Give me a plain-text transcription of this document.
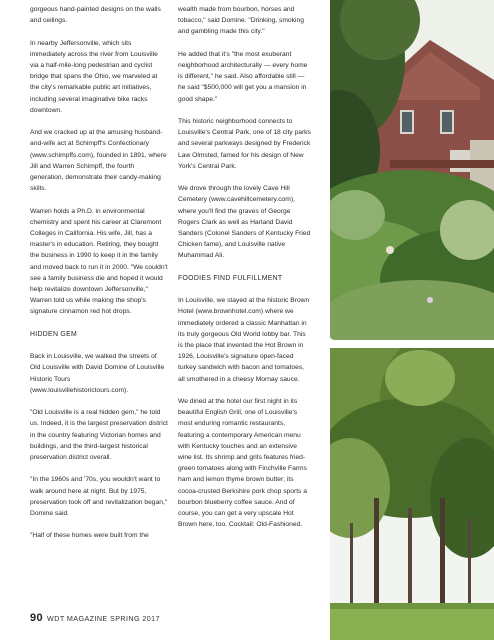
gorgeous hand-painted designs on the walls and ceilings.

In nearby Jeffersonville, which sits immediately across the river from Louisville via a half-mile-long pedestrian and cyclist bridge that spans the Ohio, we marveled at the city's remarkable public art initiatives, including several imaginative bike racks downtown.

And we cracked up at the amusing husband-and-wife act at Schimpff's Confectionary (www.schimpffs.com), founded in 1891, where Jill and Warren Schimpff, the fourth generation, demonstrate their candy-making skills.

Warren holds a Ph.D. in environmental chemistry and spent his career at Claremont Colleges in California. His wife, Jill, has a master's in education. Retiring, they bought the business in 1990 to keep it in the family and moved back to run it in 2000. "We couldn't see a family business die and hoped it would help revitalize downtown Jeffersonville," Warren told us while making the shop's signature cinnamon red hot drops.

HIDDEN GEM

Back in Louisville, we walked the streets of Old Louisville with David Domine of Louisville Historic Tours (www.louisvillehistorictours.com).

"Old Louisville is a real hidden gem," he told us. Indeed, it is the largest preservation district in the country featuring Victorian homes and buildings, and the third-largest historical preservation district overall.

"In the 1960s and '70s, you wouldn't want to walk around here at night. But by 1975, preservation took off and revitalization began," Domine said.

"Half of these homes were built from the

wealth made from bourbon, horses and tobacco," said Domine. "Drinking, smoking and gambling made this city."

He added that it's "the most exuberant neighborhood architecturally — every home is different," he said. Also affordable still — he said "$500,000 will get you a mansion in good shape."

This historic neighborhood connects to Louisville's Central Park, one of 18 city parks and several parkways designed by Frederick Law Olmsted, famed for his design of New York's Central Park.

We drove through the lovely Cave Hill Cemetery (www.cavehillcemetery.com), where you'll find the graves of George Rogers Clark as well as Harland David Sanders (Colonel Sanders of Kentucky Fried Chicken fame), and Louisville native Muhammad Ali.

FOODIES FIND FULFILLMENT

In Louisville, we stayed at the historic Brown Hotel (www.brownhotel.com) where we immediately ordered a classic Manhattan in its truly gorgeous Old World lobby bar. This is the place that invented the Hot Brown in 1926, Louisville's signature open-faced turkey sandwich with bacon and tomatoes, all smothered in a cheesy Mornay sauce.

We dined at the hotel our first night in its beautiful English Grill, one of Louisville's most enduring romantic restaurants, featuring a contemporary American menu with Kentucky touches and an extensive wine list. Its shrimp and grits features fried-green tomatoes along with Finchville Farms ham and lemon thyme brown butter; its cocoa-crusted Berkshire pork chop sports a bourbon blueberry coffee sauce. And of course, you can get a very upscale Hot Brown here, too. Cocktail: Old-Fashioned.

90 WDT MAGAZINE SPRING 2017
